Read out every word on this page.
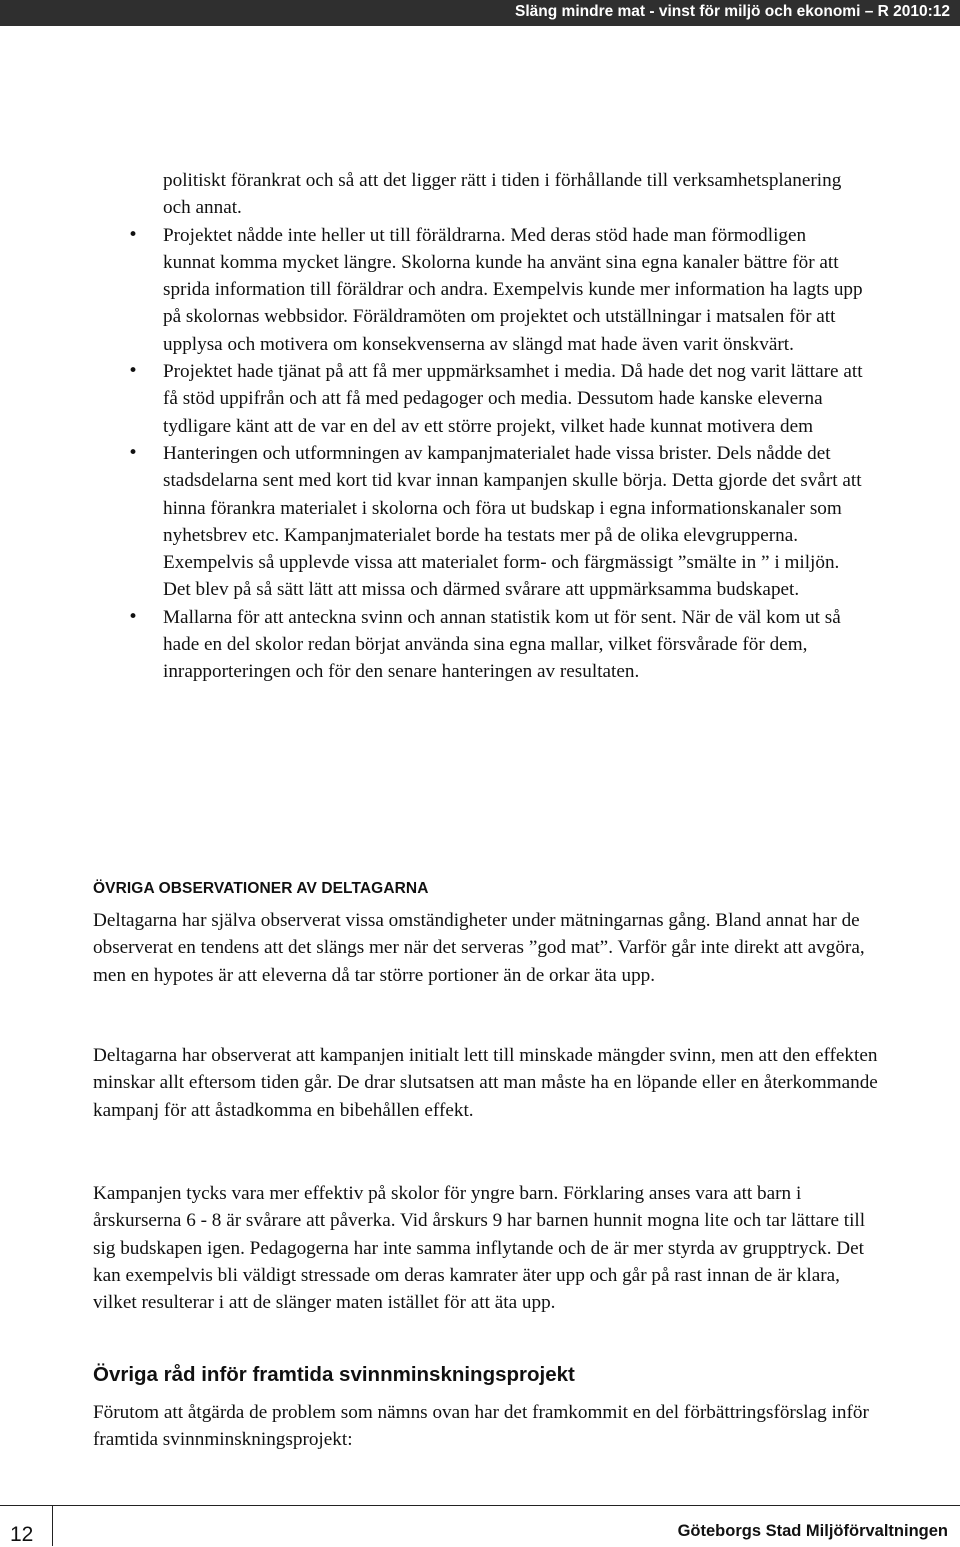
Släng mindre mat - vinst för miljö och ekonomi – R 2010:12
politiskt förankrat och så att det ligger rätt i tiden i förhållande till verksamhetsplanering och annat.
• Projektet nådde inte heller ut till föräldrarna. Med deras stöd hade man förmodligen kunnat komma mycket längre. Skolorna kunde ha använt sina egna kanaler bättre för att sprida information till föräldrar och andra. Exempelvis kunde mer information ha lagts upp på skolornas webbsidor. Föräldramöten om projektet och utställningar i matsalen för att upplysa och motivera om konsekvenserna av slängd mat hade även varit önskvärt.
• Projektet hade tjänat på att få mer uppmärksamhet i media. Då hade det nog varit lättare att få stöd uppifrån och att få med pedagoger och media. Dessutom hade kanske eleverna tydligare känt att de var en del av ett större projekt, vilket hade kunnat motivera dem
• Hanteringen och utformningen av kampanjmaterialet hade vissa brister. Dels nådde det stadsdelarna sent med kort tid kvar innan kampanjen skulle börja. Detta gjorde det svårt att hinna förankra materialet i skolorna och föra ut budskap i egna informationskanaler som nyhetsbrev etc. Kampanjmaterialet borde ha testats mer på de olika elevgrupperna. Exempelvis så upplevde vissa att materialet form- och färgmässigt ”smälte in ” i miljön. Det blev på så sätt lätt att missa och därmed svårare att uppmärksamma budskapet.
• Mallarna för att anteckna svinn och annan statistik kom ut för sent. När de väl kom ut så hade en del skolor redan börjat använda sina egna mallar, vilket försvårade för dem, inrapporteringen och för den senare hanteringen av resultaten.
ÖVRIGA OBSERVATIONER AV DELTAGARNA

Deltagarna har själva observerat vissa omständigheter under mätningarnas gång. Bland annat har de observerat en tendens att det slängs mer när det serveras ”god mat”. Varför går inte direkt att avgöra, men en hypotes är att eleverna då tar större portioner än de orkar äta upp.

Deltagarna har observerat att kampanjen initialt lett till minskade mängder svinn, men att den effekten minskar allt eftersom tiden går. De drar slutsatsen att man måste ha en löpande eller en återkommande kampanj för att åstadkomma en bibehållen effekt.

Kampanjen tycks vara mer effektiv på skolor för yngre barn. Förklaring anses vara att barn i årskurserna 6 - 8 är svårare att påverka. Vid årskurs 9 har barnen hunnit mogna lite och tar lättare till sig budskapen igen. Pedagogerna har inte samma inflytande och de är mer styrda av grupptryck. Det kan exempelvis bli väldigt stressade om deras kamrater äter upp och går på rast innan de är klara, vilket resulterar i att de slänger maten istället för att äta upp.

Övriga råd inför framtida svinnminskningsprojekt

Förutom att åtgärda de problem som nämns ovan har det framkommit en del förbättringsförslag inför framtida svinnminskningsprojekt:

12	Göteborgs Stad Miljöförvaltningen
